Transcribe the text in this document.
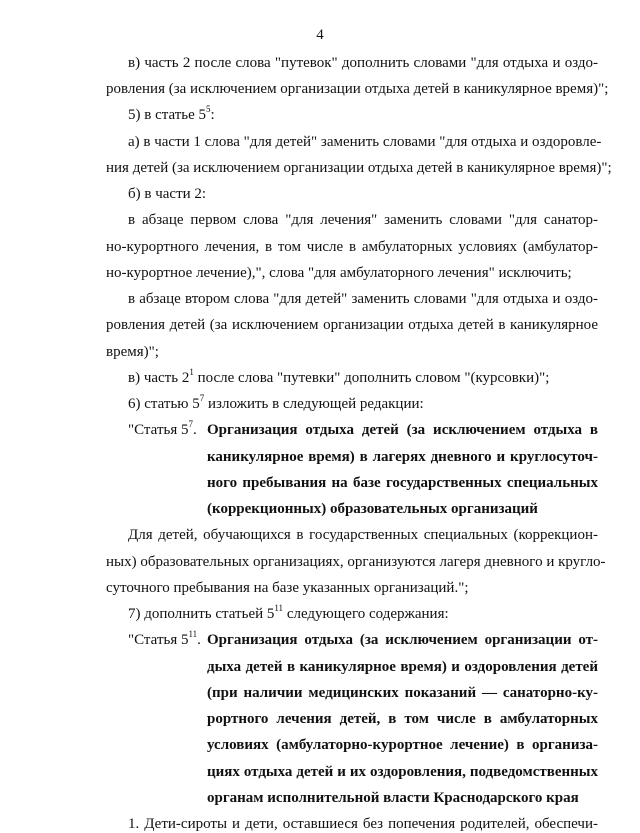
4
в) часть 2 после слова "путевок" дополнить словами "для отдыха и оздо-
ровления (за исключением организации отдыха детей в каникулярное время)";
5) в статье $5^5$:
а) в части 1 слова "для детей" заменить словами "для отдыха и оздоровле-
ния детей (за исключением организации отдыха детей в каникулярное время)";
б) в части 2:
в абзаце первом слова "для лечения" заменить словами "для санатор-
но-курортного лечения, в том числе в амбулаторных условиях (амбулатор-
но-курортное лечение),", слова "для амбулаторного лечения" исключить;
в абзаце втором слова "для детей" заменить словами "для отдыха и оздо-
ровления детей (за исключением организации отдыха детей в каникулярное
время)";
в) часть $2^1$ после слова "путевки" дополнить словом "(курсовки)";
6) статью $5^7$ изложить в следующей редакции:
"Статья $5^7$. Организация отдыха детей (за исключением отдыха в
каникулярное время) в лагерях дневного и круглосуточ-
ного пребывания на базе государственных специальных
(коррекционных) образовательных организаций
Для детей, обучающихся в государственных специальных (коррекцион-
ных) образовательных организациях, организуются лагеря дневного и кругло-
суточного пребывания на базе указанных организаций.";
7) дополнить статьей $5^{11}$ следующего содержания:
"Статья $5^{11}$. Организация отдыха (за исключением организации от-
дыха детей в каникулярное время) и оздоровления детей
(при наличии медицинских показаний — санаторно-ку-
рортного лечения детей, в том числе в амбулаторных
условиях (амбулаторно-курортное лечение) в организа-
циях отдыха детей и их оздоровления, подведомственных
органам исполнительной власти Краснодарского края
1. Дети-сироты и дети, оставшиеся без попечения родителей, обеспечи-
